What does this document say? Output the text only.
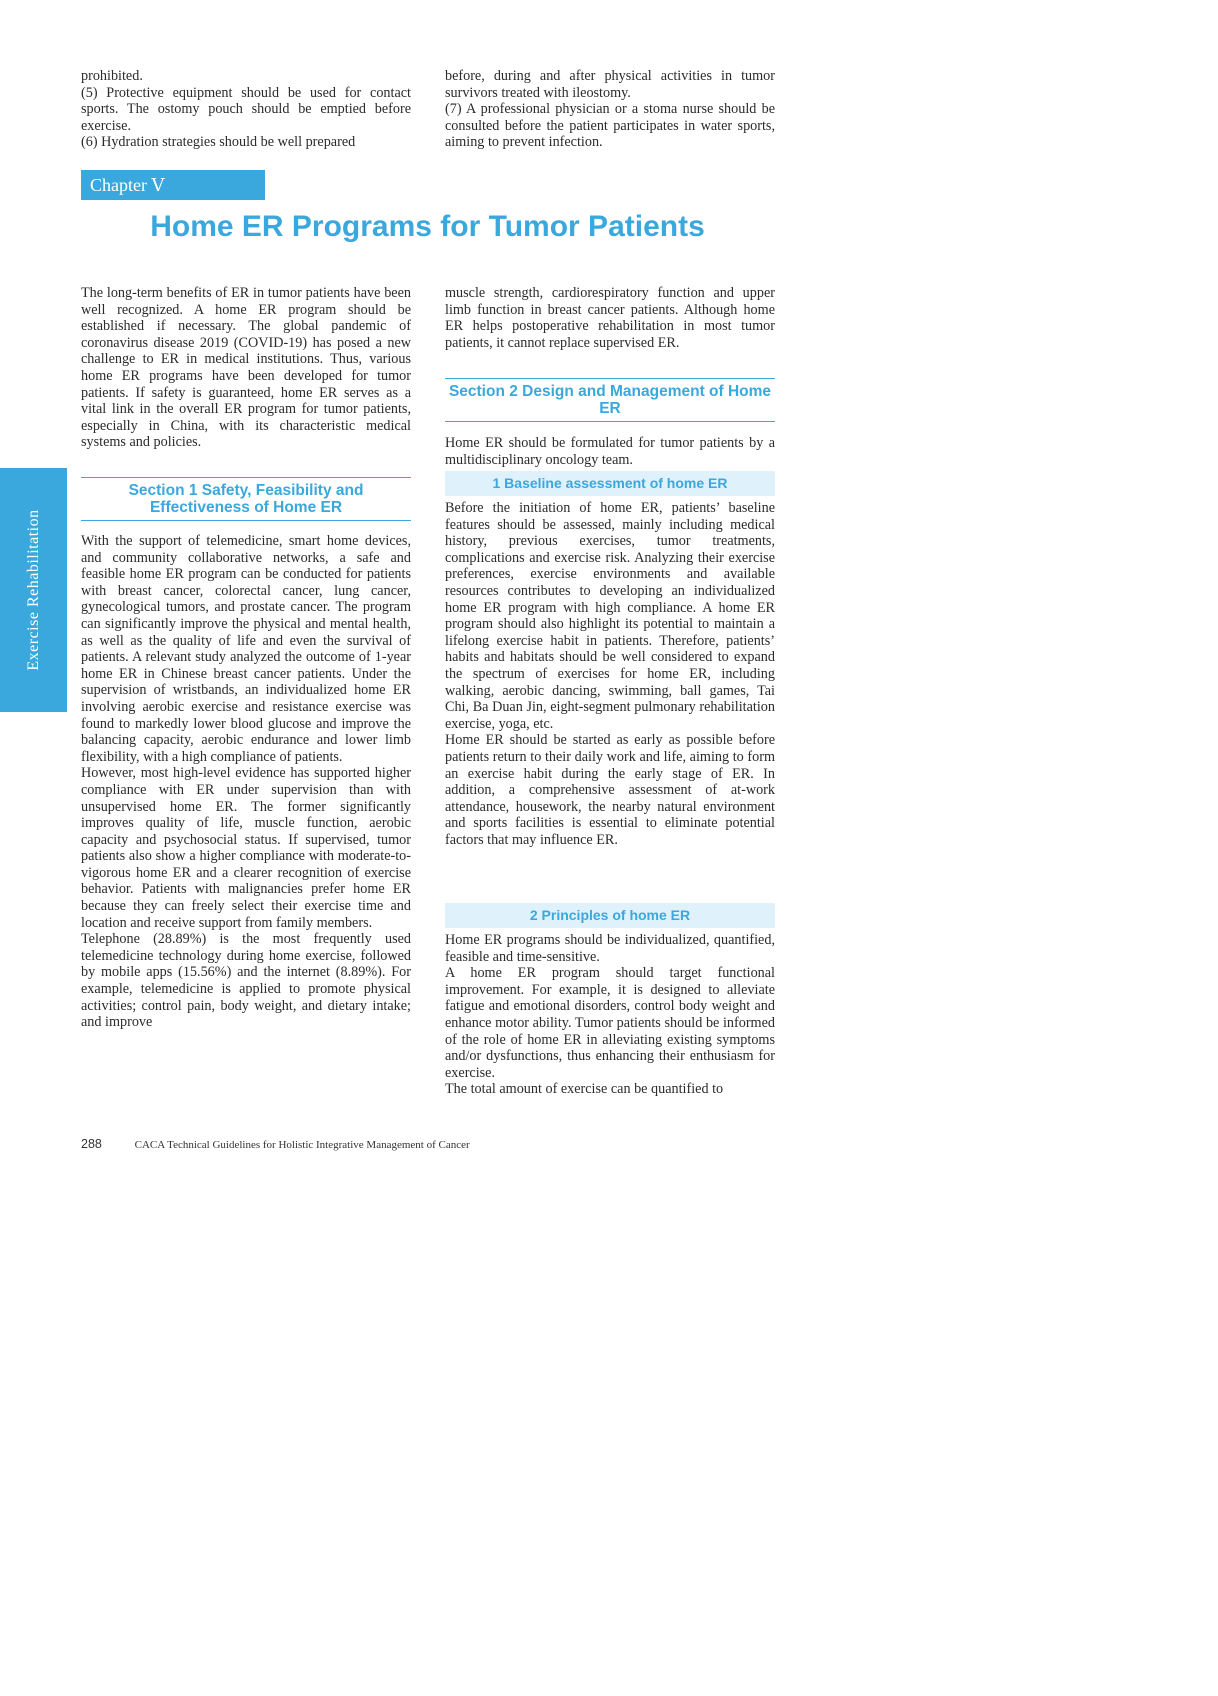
prohibited.

(5) Protective equipment should be used for contact sports. The ostomy pouch should be emptied before exercise.

(6) Hydration strategies should be well prepared

before, during and after physical activities in tumor survivors treated with ileostomy.

(7) A professional physician or a stoma nurse should be consulted before the patient participates in water sports, aiming to prevent infection.

Chapter Ⅴ
Home ER Programs for Tumor Patients
Exercise Rehabilitation

The long-term benefits of ER in tumor patients have been well recognized. A home ER program should be established if necessary. The global pandemic of coronavirus disease 2019 (COVID-19) has posed a new challenge to ER in medical institutions. Thus, various home ER programs have been developed for tumor patients. If safety is guaranteed, home ER serves as a vital link in the overall ER program for tumor patients, especially in China, with its characteristic medical systems and policies.

Section 1 Safety, Feasibility and Effectiveness of Home ER

With the support of telemedicine, smart home devices, and community collaborative networks, a safe and feasible home ER program can be conducted for patients with breast cancer, colorectal cancer, lung cancer, gynecological tumors, and prostate cancer. The program can significantly improve the physical and mental health, as well as the quality of life and even the survival of patients. A relevant study analyzed the outcome of 1-year home ER in Chinese breast cancer patients. Under the supervision of wristbands, an individualized home ER involving aerobic exercise and resistance exercise was found to markedly lower blood glucose and improve the balancing capacity, aerobic endurance and lower limb flexibility, with a high compliance of patients.

However, most high-level evidence has supported higher compliance with ER under supervision than with unsupervised home ER. The former significantly improves quality of life, muscle function, aerobic capacity and psychosocial status. If supervised, tumor patients also show a higher compliance with moderate-to-vigorous home ER and a clearer recognition of exercise behavior. Patients with malignancies prefer home ER because they can freely select their exercise time and location and receive support from family members.

Telephone (28.89%) is the most frequently used telemedicine technology during home exercise, followed by mobile apps (15.56%) and the internet (8.89%). For example, telemedicine is applied to promote physical activities; control pain, body weight, and dietary intake; and improve

muscle strength, cardiorespiratory function and upper limb function in breast cancer patients. Although home ER helps postoperative rehabilitation in most tumor patients, it cannot replace supervised ER.

Section 2 Design and Management of Home ER

Home ER should be formulated for tumor patients by a multidisciplinary oncology team.

1 Baseline assessment of home ER

Before the initiation of home ER, patients’ baseline features should be assessed, mainly including medical history, previous exercises, tumor treatments, complications and exercise risk. Analyzing their exercise preferences, exercise environments and available resources contributes to developing an individualized home ER program with high compliance. A home ER program should also highlight its potential to maintain a lifelong exercise habit in patients. Therefore, patients’ habits and habitats should be well considered to expand the spectrum of exercises for home ER, including walking, aerobic dancing, swimming, ball games, Tai Chi, Ba Duan Jin, eight-segment pulmonary rehabilitation exercise, yoga, etc.

Home ER should be started as early as possible before patients return to their daily work and life, aiming to form an exercise habit during the early stage of ER. In addition, a comprehensive assessment of at-work attendance, housework, the nearby natural environment and sports facilities is essential to eliminate potential factors that may influence ER.

2 Principles of home ER

Home ER programs should be individualized, quantified, feasible and time-sensitive.

A home ER program should target functional improvement. For example, it is designed to alleviate fatigue and emotional disorders, control body weight and enhance motor ability. Tumor patients should be informed of the role of home ER in alleviating existing symptoms and/or dysfunctions, thus enhancing their enthusiasm for exercise.

The total amount of exercise can be quantified to

288	CACA Technical Guidelines for Holistic Integrative Management of Cancer
